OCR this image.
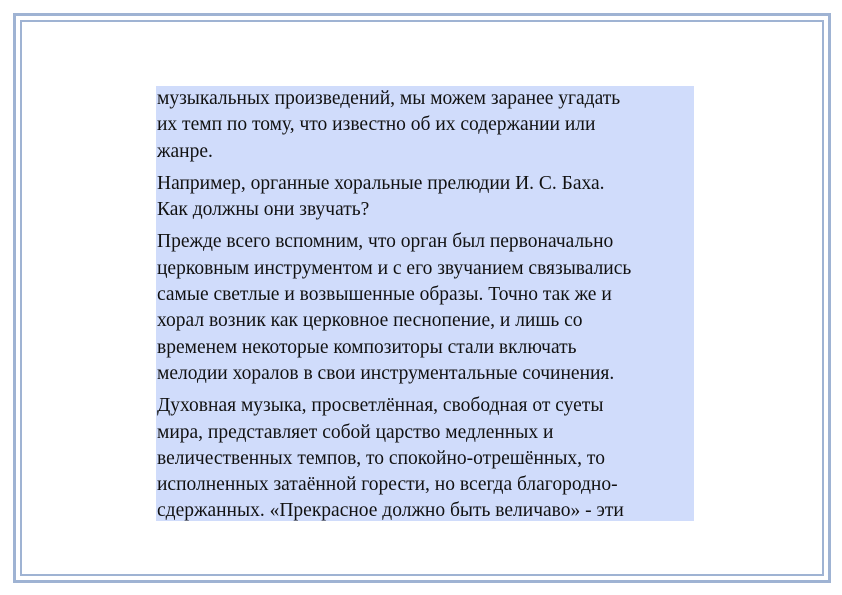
музыкальных произведений, мы можем заранее угадать
их темп по тому, что известно об их содержании или
жанре.

Например, органные хоральные прелюдии И. С. Баха.
Как должны они звучать?

Прежде всего вспомним, что орган был первоначально
церковным инструментом и с его звучанием связывались
самые светлые и возвышенные образы. Точно так же и
хорал возник как церковное песнопение, и лишь со
временем некоторые композиторы стали включать
мелодии хоралов в свои инструментальные сочинения.

Духовная музыка, просветлённая, свободная от суеты
мира, представляет собой царство медленных и
величественных темпов, то спокойно-отрешённых, то
исполненных затаённой горести, но всегда благородно-
сдержанных. «Прекрасное должно быть величаво» - эти
